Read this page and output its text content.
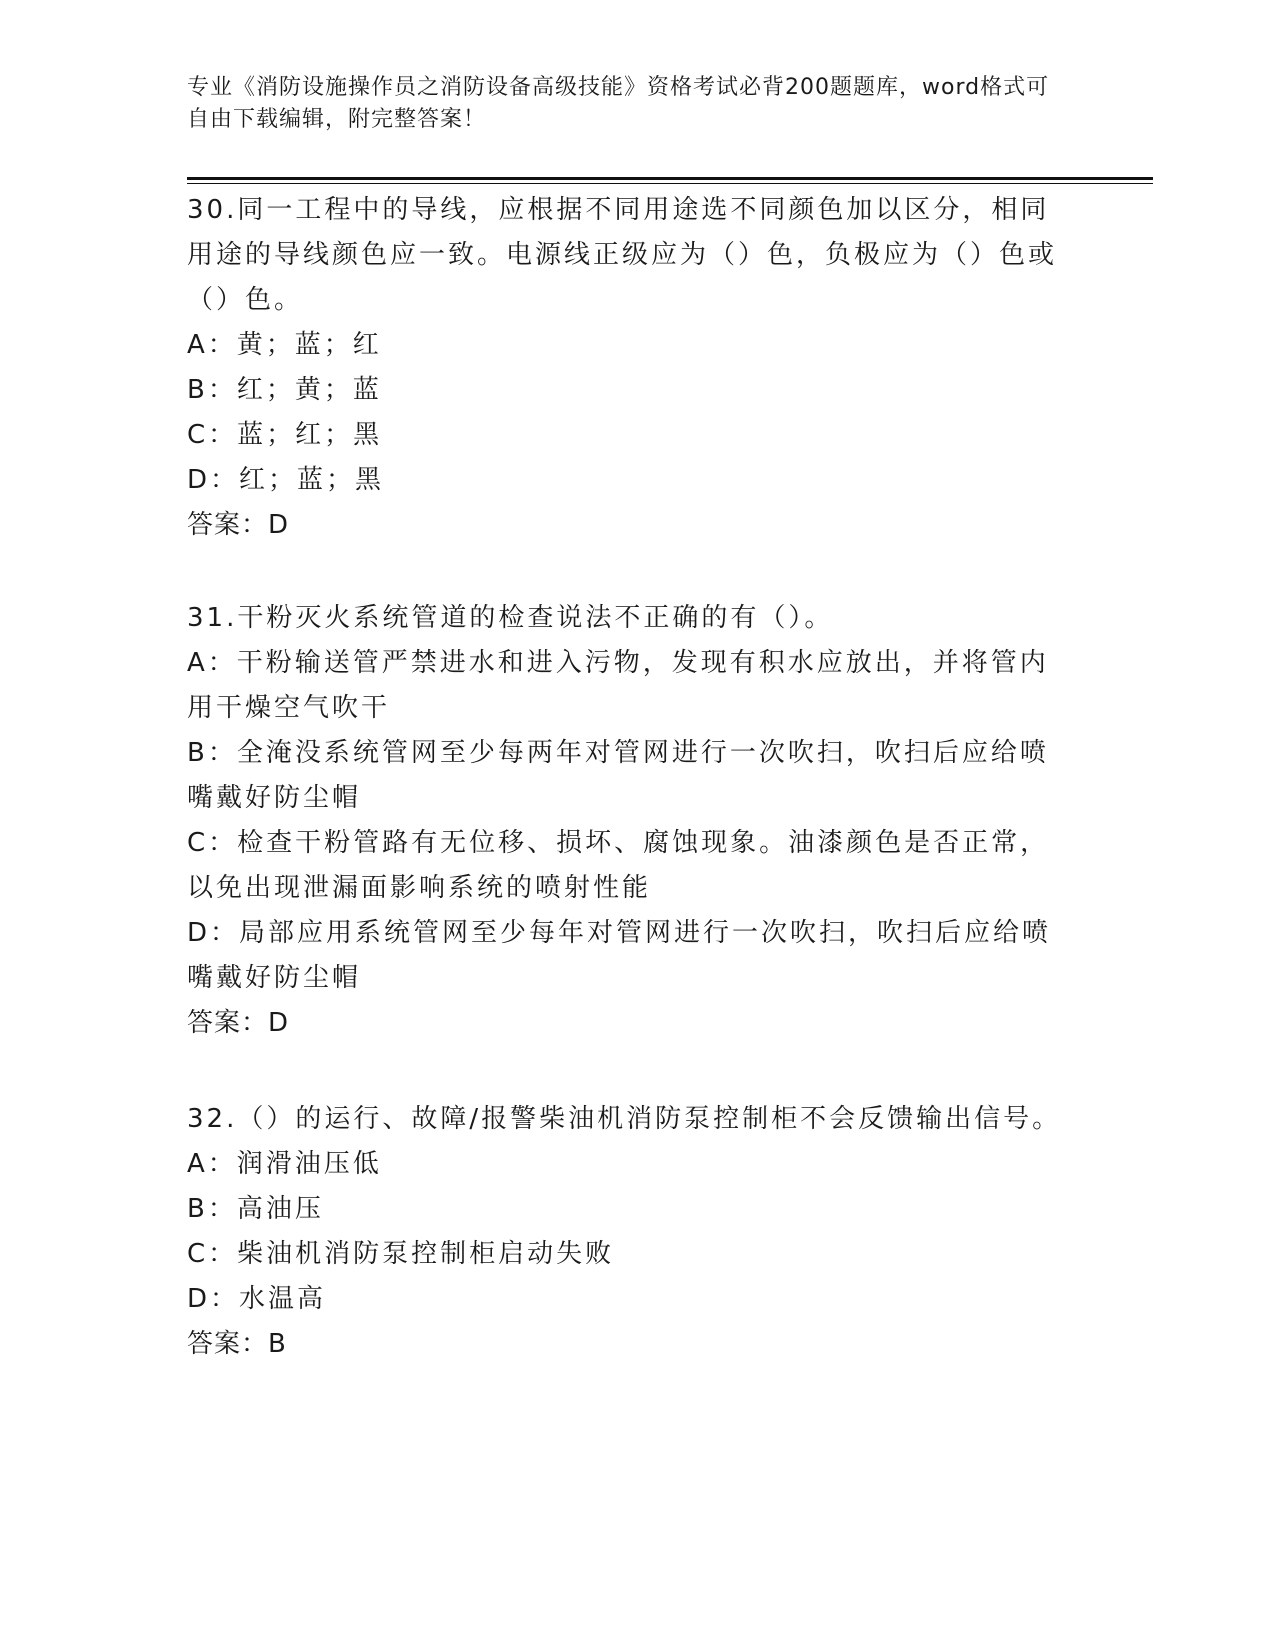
专业《消防设施操作员之消防设备高级技能》资格考试必背200题题库，word格式可自由下载编辑，附完整答案！

30.同一工程中的导线，应根据不同用途选不同颜色加以区分，相同用途的导线颜色应一致。电源线正级应为（）色，负极应为（）色或（）色。

A：黄；蓝；红

B：红；黄；蓝

C：蓝；红；黑

D：红；蓝；黑

答案：D

31.干粉灭火系统管道的检查说法不正确的有（）。

A：干粉输送管严禁进水和进入污物，发现有积水应放出，并将管内用干燥空气吹干

B：全淹没系统管网至少每两年对管网进行一次吹扫，吹扫后应给喷嘴戴好防尘帽

C：检查干粉管路有无位移、损坏、腐蚀现象。油漆颜色是否正常，以免出现泄漏面影响系统的喷射性能

D：局部应用系统管网至少每年对管网进行一次吹扫，吹扫后应给喷嘴戴好防尘帽

答案：D

32.（）的运行、故障/报警柴油机消防泵控制柜不会反馈输出信号。

A：润滑油压低

B：高油压

C：柴油机消防泵控制柜启动失败

D：水温高

答案：B
